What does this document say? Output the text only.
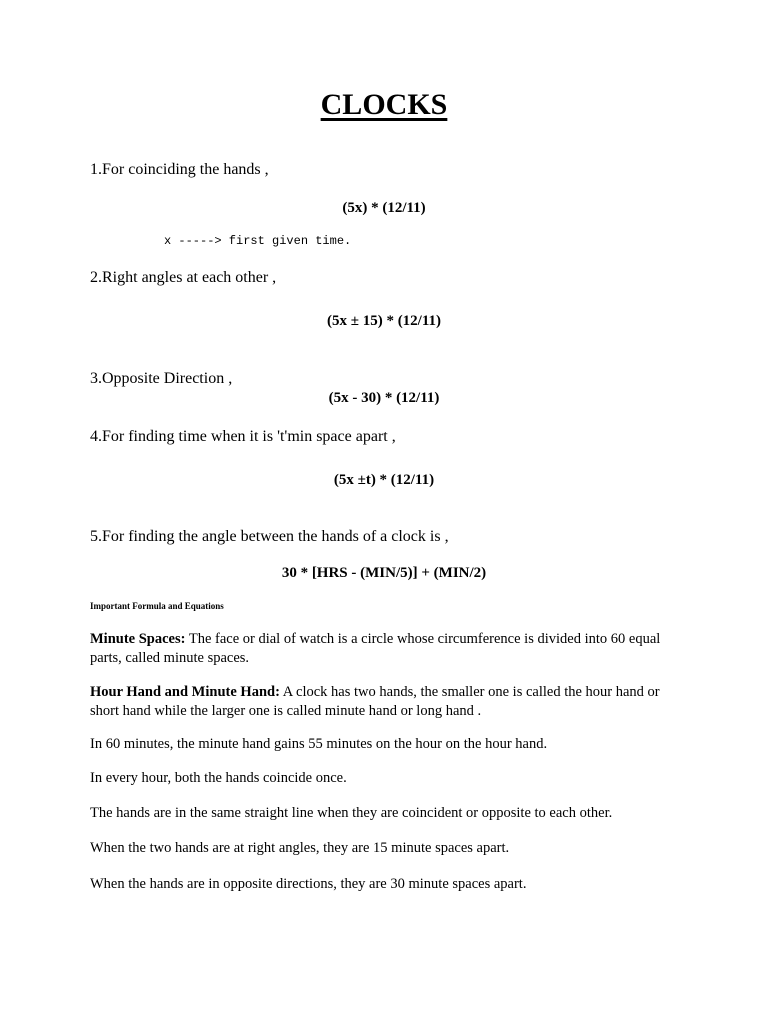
CLOCKS
1.For coinciding the hands ,
(5x) * (12/11)
x -----> first given time.
2.Right angles at each other ,
(5x ± 15) * (12/11)
3.Opposite Direction ,
(5x - 30) * (12/11)
4.For finding time when it is 't'min space apart ,
(5x ±t) * (12/11)
5.For finding the angle between the hands of a clock is ,
30 * [HRS - (MIN/5)] + (MIN/2)
Important Formula and Equations
Minute Spaces: The face or dial of watch is a circle whose circumference is divided into 60 equal parts, called minute spaces.
Hour Hand and Minute Hand: A clock has two hands, the smaller one is called the hour hand or short hand while the larger one is called minute hand or long hand .
In 60 minutes, the minute hand gains 55 minutes on the hour on the hour hand.
In every hour, both the hands coincide once.
The hands are in the same straight line when they are coincident or opposite to each other.
When the two hands are at right angles, they are 15 minute spaces apart.
When the hands are in opposite directions, they are 30 minute spaces apart.
